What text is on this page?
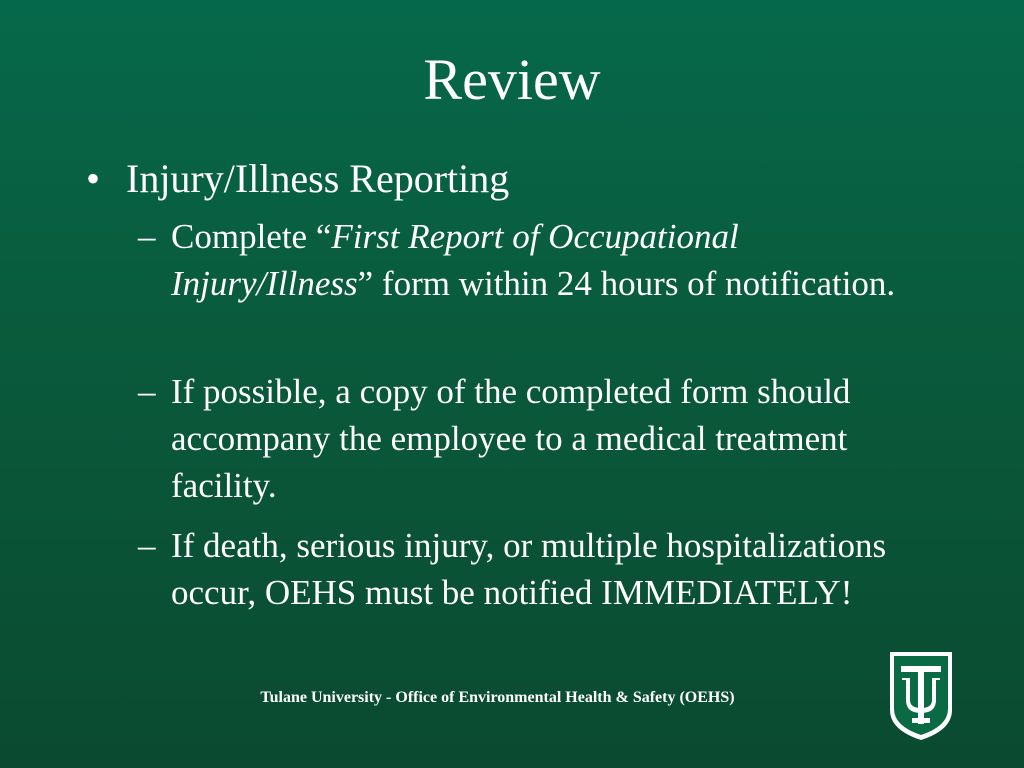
Review
• Injury/Illness Reporting
– Complete “First Report of Occupational Injury/Illness” form within 24 hours of notification.
– If possible, a copy of the completed form should accompany the employee to a medical treatment facility.
– If death, serious injury, or multiple hospitalizations occur, OEHS must be notified IMMEDIATELY!
Tulane University - Office of Environmental Health & Safety (OEHS)
